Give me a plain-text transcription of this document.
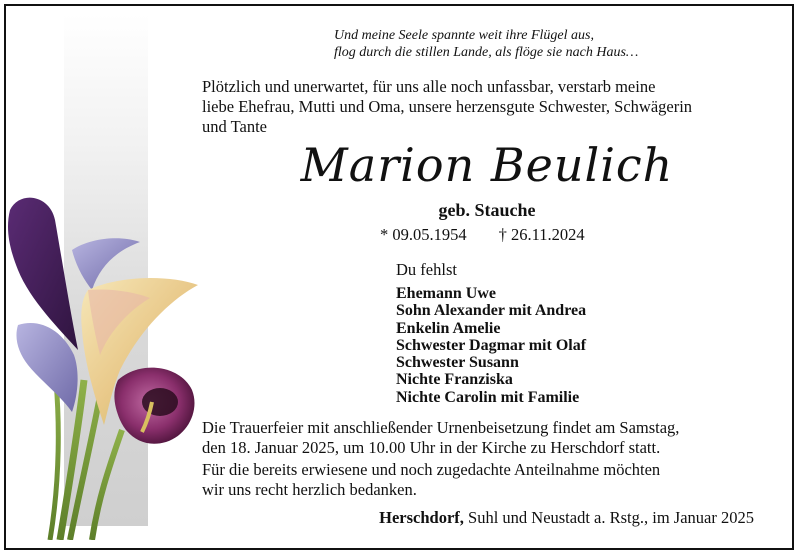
Und meine Seele spannte weit ihre Flügel aus,
flog durch die stillen Lande, als flöge sie nach Haus…
Plötzlich und unerwartet, für uns alle noch unfassbar, verstarb meine
liebe Ehefrau, Mutti und Oma, unsere herzensgute Schwester, Schwägerin
und Tante
Marion Beulich
geb. Stauche
* 09.05.1954 † 26.11.2024
Du fehlst
Ehemann Uwe
Sohn Alexander mit Andrea
Enkelin Amelie
Schwester Dagmar mit Olaf
Schwester Susann
Nichte Franziska
Nichte Carolin mit Familie
Die Trauerfeier mit anschließender Urnenbeisetzung findet am Samstag,
den 18. Januar 2025, um 10.00 Uhr in der Kirche zu Herschdorf statt.
Für die bereits erwiesene und noch zugedachte Anteilnahme möchten
wir uns recht herzlich bedanken.
Herschdorf, Suhl und Neustadt a. Rstg., im Januar 2025
